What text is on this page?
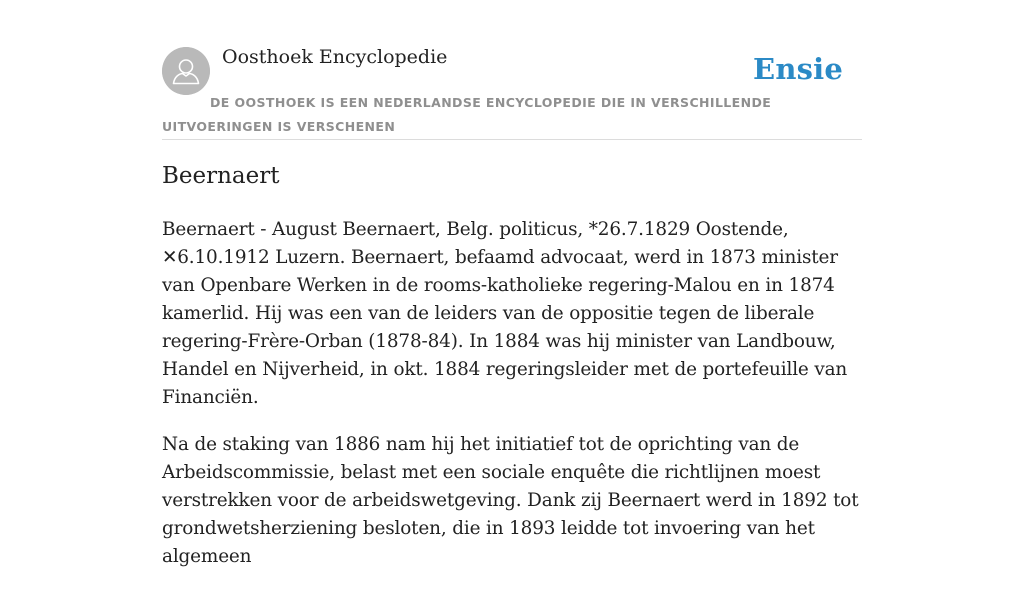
Oosthoek Encyclopedie	Ensie
DE OOSTHOEK IS EEN NEDERLANDSE ENCYCLOPEDIE DIE IN VERSCHILLENDE UITVOERINGEN IS VERSCHENEN
Beernaert

Beernaert - August Beernaert, Belg. politicus, *26.7.1829 Oostende, ✕6.10.1912 Luzern. Beernaert, befaamd advocaat, werd in 1873 minister van Openbare Werken in de rooms-katholieke regering-Malou en in 1874 kamerlid. Hij was een van de leiders van de oppositie tegen de liberale regering-Frère-Orban (1878-84). In 1884 was hij minister van Landbouw, Handel en Nijverheid, in okt. 1884 regeringsleider met de portefeuille van Financiën.

Na de staking van 1886 nam hij het initiatief tot de oprichting van de Arbeidscommissie, belast met een sociale enquête die richtlijnen moest verstrekken voor de arbeidswetgeving. Dank zij Beernaert werd in 1892 tot grondwetsherziening besloten, die in 1893 leidde tot invoering van het algemeen
